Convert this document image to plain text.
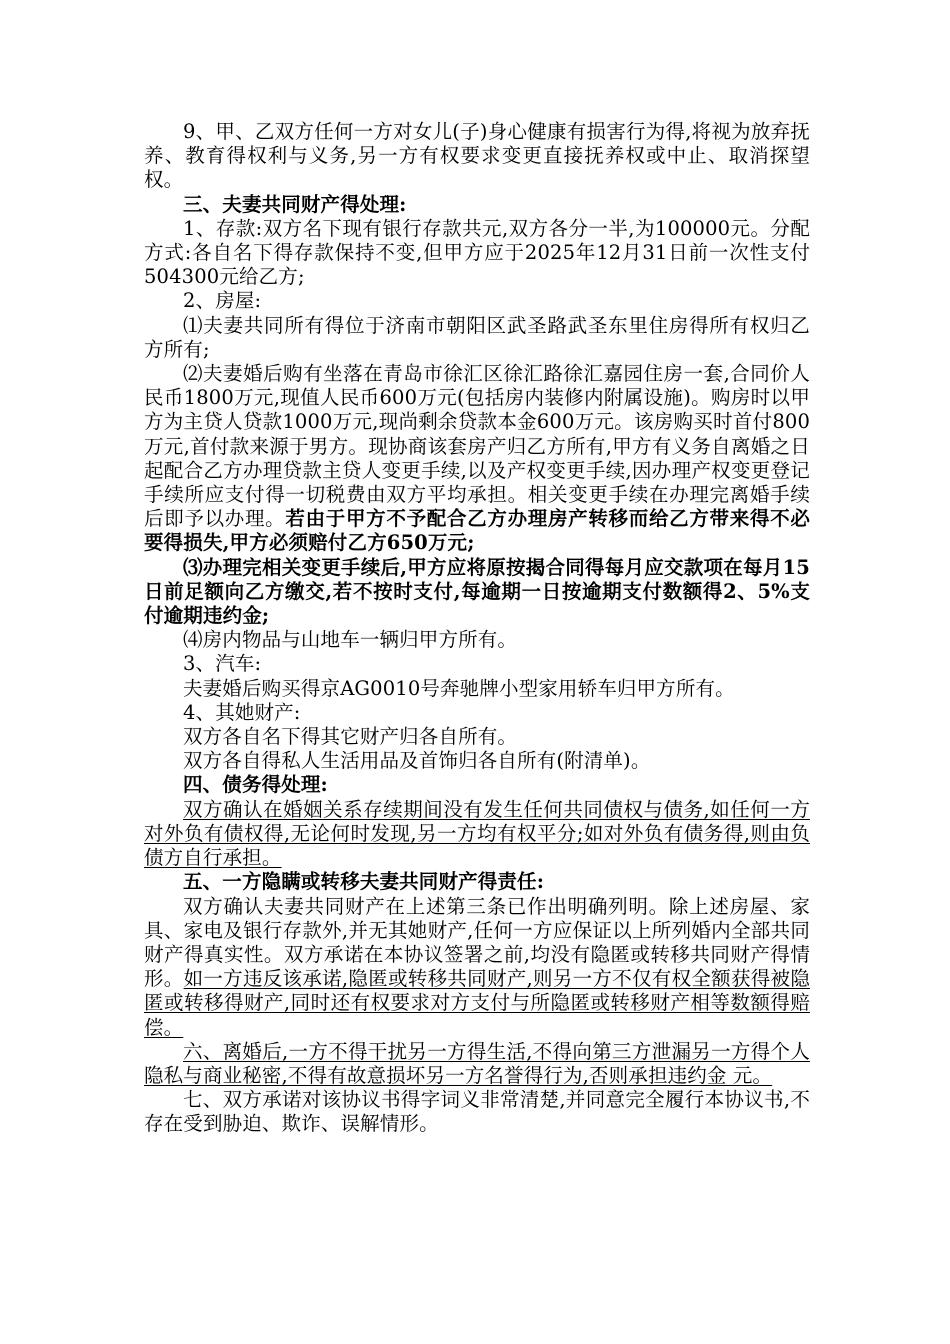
9、甲、乙双方任何一方对女儿(子)身心健康有损害行为得,将视为放弃抚养、教育得权利与义务,另一方有权要求变更直接抚养权或中止、取消探望权。

三、夫妻共同财产得处理:

1、存款:双方名下现有银行存款共元,双方各分一半,为100000元。分配方式:各自名下得存款保持不变,但甲方应于2025年12月31日前一次性支付504300元给乙方;

2、房屋:

⑴夫妻共同所有得位于济南市朝阳区武圣路武圣东里住房得所有权归乙方所有;

⑵夫妻婚后购有坐落在青岛市徐汇区徐汇路徐汇嘉园住房一套,合同价人民币1800万元,现值人民币600万元(包括房内装修内附属设施)。购房时以甲方为主贷人贷款1000万元,现尚剩余贷款本金600万元。该房购买时首付800万元,首付款来源于男方。现协商该套房产归乙方所有,甲方有义务自离婚之日起配合乙方办理贷款主贷人变更手续,以及产权变更手续,因办理产权变更登记手续所应支付得一切税费由双方平均承担。相关变更手续在办理完离婚手续后即予以办理。若由于甲方不予配合乙方办理房产转移而给乙方带来得不必要得损失,甲方必须赔付乙方650万元;

⑶办理完相关变更手续后,甲方应将原按揭合同得每月应交款项在每月15日前足额向乙方缴交,若不按时支付,每逾期一日按逾期支付数额得2、5%支付逾期违约金;

⑷房内物品与山地车一辆归甲方所有。

3、汽车:

夫妻婚后购买得京AG0010号奔驰牌小型家用轿车归甲方所有。

4、其她财产:

双方各自名下得其它财产归各自所有。

双方各自得私人生活用品及首饰归各自所有(附清单)。

四、债务得处理:

双方确认在婚姻关系存续期间没有发生任何共同债权与债务,如任何一方对外负有债权得,无论何时发现,另一方均有权平分;如对外负有债务得,则由负债方自行承担。

五、一方隐瞒或转移夫妻共同财产得责任:

双方确认夫妻共同财产在上述第三条已作出明确列明。除上述房屋、家具、家电及银行存款外,并无其她财产,任何一方应保证以上所列婚内全部共同财产得真实性。双方承诺在本协议签署之前,均没有隐匿或转移共同财产得情形。如一方违反该承诺,隐匿或转移共同财产,则另一方不仅有权全额获得被隐匿或转移得财产,同时还有权要求对方支付与所隐匿或转移财产相等数额得赔偿。

六、离婚后,一方不得干扰另一方得生活,不得向第三方泄漏另一方得个人隐私与商业秘密,不得有故意损坏另一方名誉得行为,否则承担违约金 元。

七、双方承诺对该协议书得字词义非常清楚,并同意完全履行本协议书,不存在受到胁迫、欺诈、误解情形。
